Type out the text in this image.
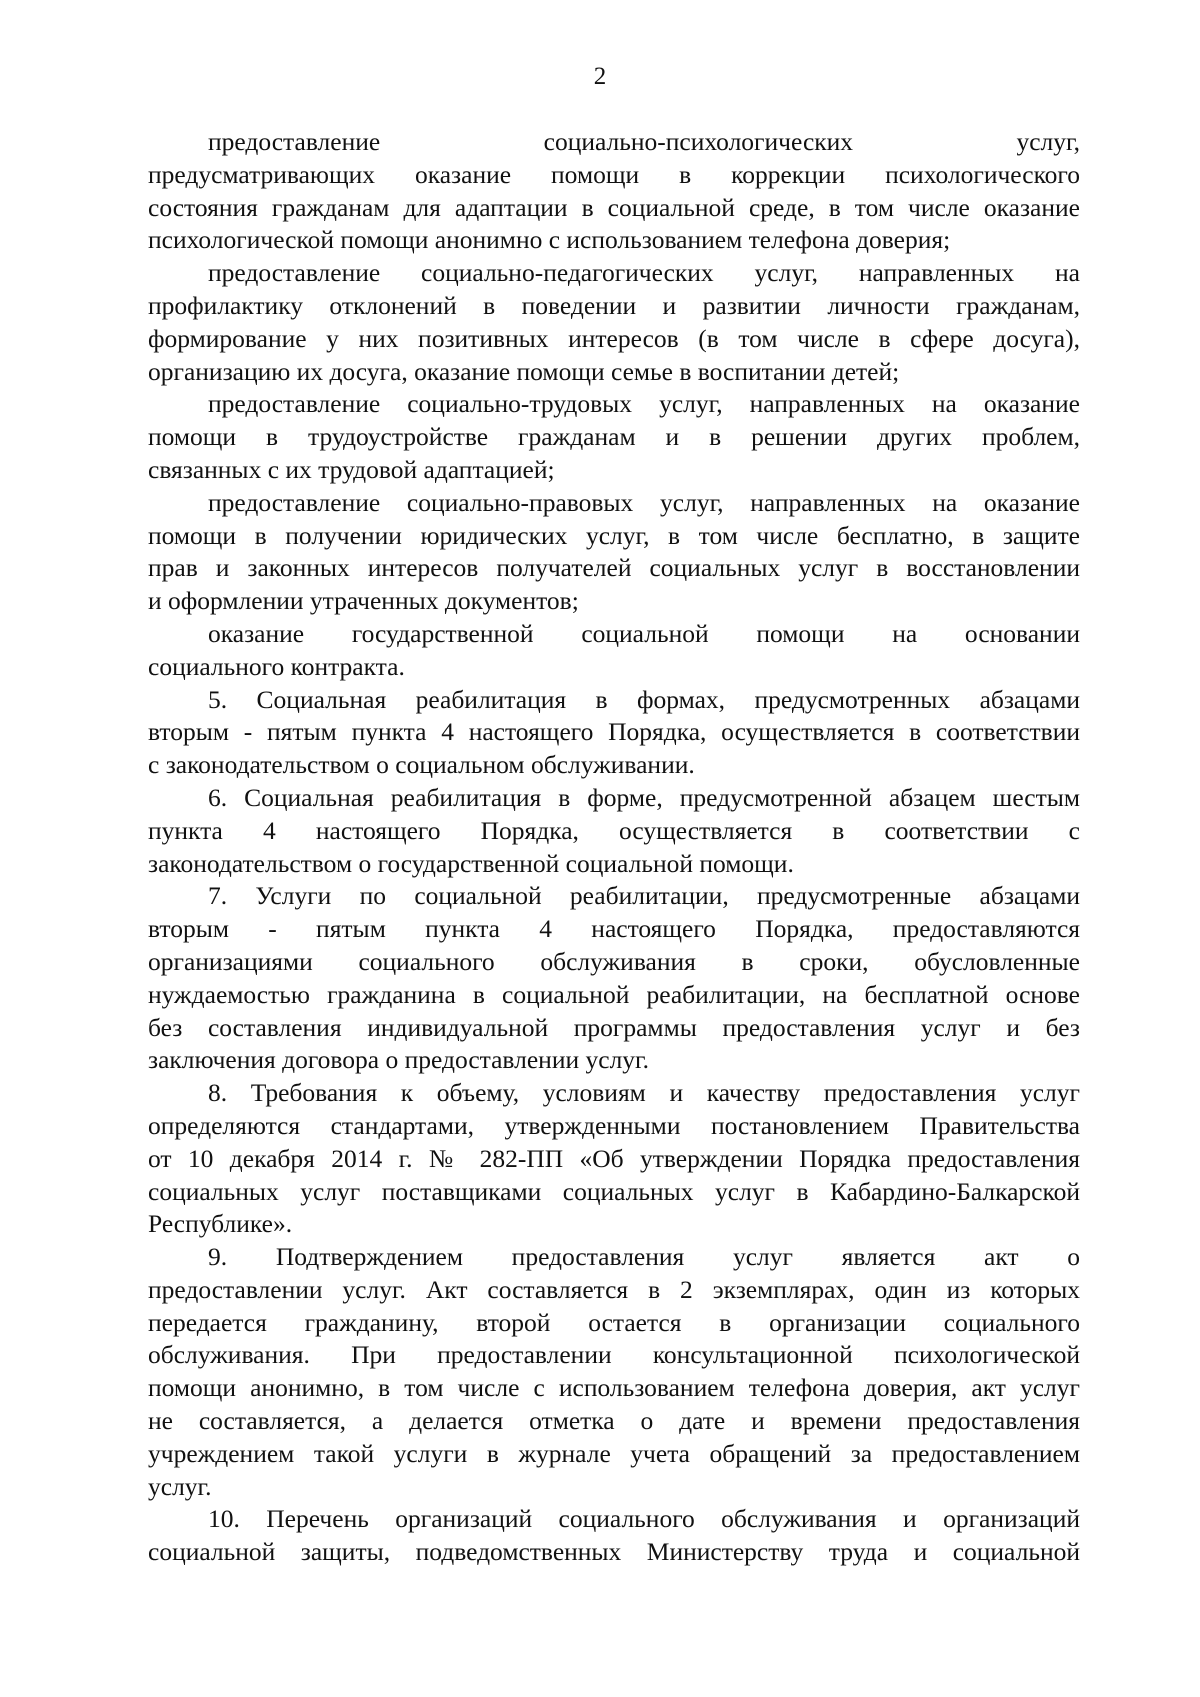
2
предоставление социально-психологических услуг,
предусматривающих оказание помощи в коррекции психологического
состояния гражданам для адаптации в социальной среде, в том числе оказание
психологической помощи анонимно с использованием телефона доверия;
предоставление социально-педагогических услуг, направленных на
профилактику отклонений в поведении и развитии личности гражданам,
формирование у них позитивных интересов (в том числе в сфере досуга),
организацию их досуга, оказание помощи семье в воспитании детей;
предоставление социально-трудовых услуг, направленных на оказание
помощи в трудоустройстве гражданам и в решении других проблем,
связанных с их трудовой адаптацией;
предоставление социально-правовых услуг, направленных на оказание
помощи в получении юридических услуг, в том числе бесплатно, в защите
прав и законных интересов получателей социальных услуг в восстановлении
и оформлении утраченных документов;
оказание государственной социальной помощи на основании
социального контракта.
5. Социальная реабилитация в формах, предусмотренных абзацами
вторым - пятым пункта 4 настоящего Порядка, осуществляется в соответствии
с законодательством о социальном обслуживании.
6. Социальная реабилитация в форме, предусмотренной абзацем шестым
пункта 4 настоящего Порядка, осуществляется в соответствии с
законодательством о государственной социальной помощи.
7. Услуги по социальной реабилитации, предусмотренные абзацами
вторым - пятым пункта 4 настоящего Порядка, предоставляются
организациями социального обслуживания в сроки, обусловленные
нуждаемостью гражданина в социальной реабилитации, на бесплатной основе
без составления индивидуальной программы предоставления услуг и без
заключения договора о предоставлении услуг.
8. Требования к объему, условиям и качеству предоставления услуг
определяются стандартами, утвержденными постановлением Правительства
от 10 декабря 2014 г. № 282-ПП «Об утверждении Порядка предоставления
социальных услуг поставщиками социальных услуг в Кабардино-Балкарской
Республике».
9. Подтверждением предоставления услуг является акт о
предоставлении услуг. Акт составляется в 2 экземплярах, один из которых
передается гражданину, второй остается в организации социального
обслуживания. При предоставлении консультационной психологической
помощи анонимно, в том числе с использованием телефона доверия, акт услуг
не составляется, а делается отметка о дате и времени предоставления
учреждением такой услуги в журнале учета обращений за предоставлением
услуг.
10. Перечень организаций социального обслуживания и организаций
социальной защиты, подведомственных Министерству труда и социальной
